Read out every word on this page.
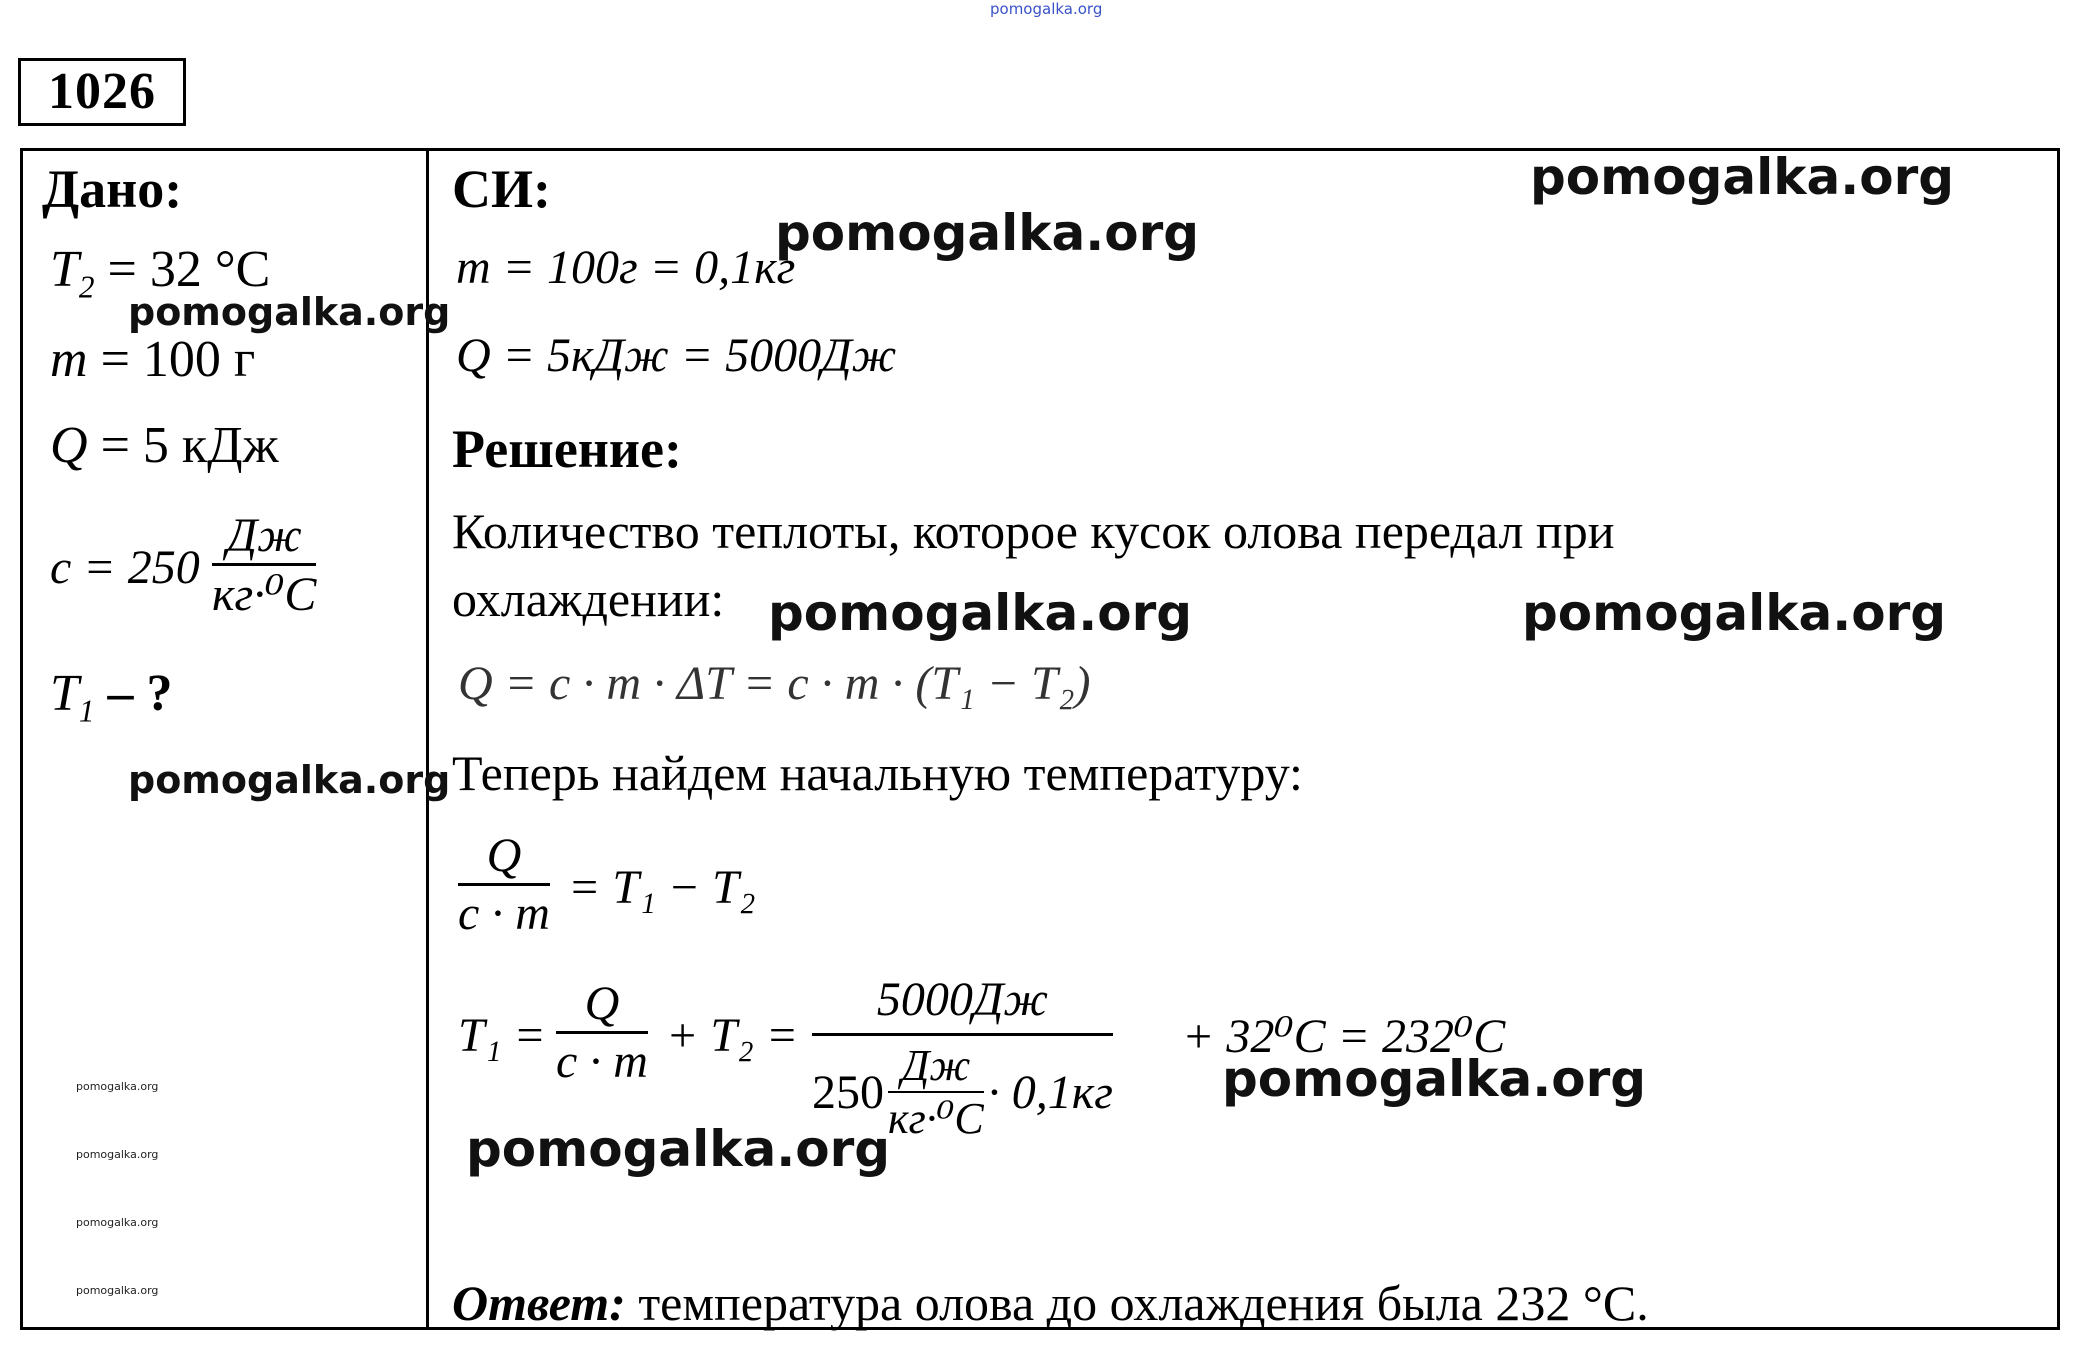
pomogalka.org
1026
Дано:
$T_2 = 32$ °C
m = 100 г
Q = 5 кДж
c = 250
Дж
кг·⁰C
$T_1$ – ?
СИ:
m = 100г = 0,1кг
Q = 5кДж = 5000Дж
Решение:
Количество теплоты, которое кусок олова передал при
охлаждении:
Q = c · m · ΔT = c · m · (T₁ − T₂)
Теперь найдем начальную температуру:
Q
c · m = T₁ − T₂
T₁ =
Q
c · m + T₂ =
5000Дж
$250 \frac{Дж}{\text{кг·⁰C}} \cdot 0,1кг$
+ 32⁰C = 232⁰C
Ответ: температура олова до охлаждения была 232 °С.
pomogalka.org
pomogalka.org
pomogalka.org
pomogalka.org	pomogalka.org
pomogalka.org
pomogalka.org
pomogalka.org
pomogalka.org
pomogalka.org
pomogalka.org
pomogalka.org
